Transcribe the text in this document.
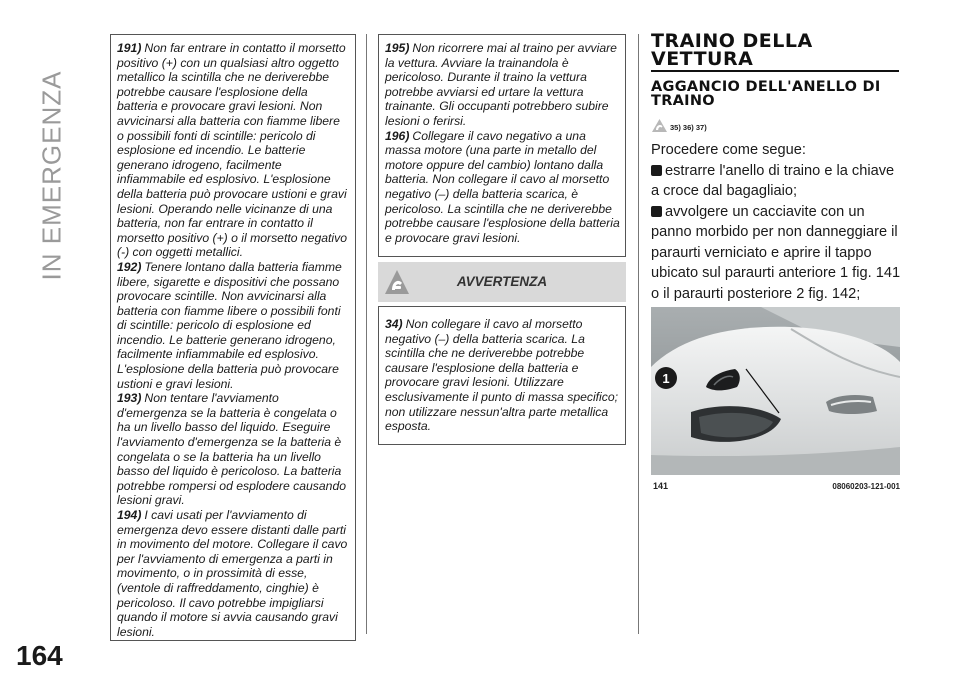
IN EMERGENZA
164

191) Non far entrare in contatto il morsetto positivo (+) con un qualsiasi altro oggetto metallico la scintilla che ne deriverebbe potrebbe causare l'esplosione della batteria e provocare gravi lesioni. Non avvicinarsi alla batteria con fiamme libere o possibili fonti di scintille: pericolo di esplosione ed incendio. Le batterie generano idrogeno, facilmente infiammabile ed esplosivo. L'esplosione della batteria può provocare ustioni e gravi lesioni. Operando nelle vicinanze di una batteria, non far entrare in contatto il morsetto positivo (+) o il morsetto negativo (-) con oggetti metallici.

192) Tenere lontano dalla batteria fiamme libere, sigarette e dispositivi che possano provocare scintille. Non avvicinarsi alla batteria con fiamme libere o possibili fonti di scintille: pericolo di esplosione ed incendio. Le batterie generano idrogeno, facilmente infiammabile ed esplosivo. L'esplosione della batteria può provocare ustioni e gravi lesioni.

193) Non tentare l'avviamento d'emergenza se la batteria è congelata o ha un livello basso del liquido. Eseguire l'avviamento d'emergenza se la batteria è congelata o se la batteria ha un livello basso del liquido è pericoloso. La batteria potrebbe rompersi od esplodere causando lesioni gravi.

194) I cavi usati per l'avviamento di emergenza devo essere distanti dalle parti in movimento del motore. Collegare il cavo per l'avviamento di emergenza a parti in movimento, o in prossimità di esse, (ventole di raffreddamento, cinghie) è pericoloso. Il cavo potrebbe impigliarsi quando il motore si avvia causando gravi lesioni.

195) Non ricorrere mai al traino per avviare la vettura. Avviare la trainandola è pericoloso. Durante il traino la vettura potrebbe avviarsi ed urtare la vettura trainante. Gli occupanti potrebbero subire lesioni o ferirsi.

196) Collegare il cavo negativo a una massa motore (una parte in metallo del motore oppure del cambio) lontano dalla batteria. Non collegare il cavo al morsetto negativo (–) della batteria scarica, è pericoloso. La scintilla che ne deriverebbe potrebbe causare l'esplosione della batteria e provocare gravi lesioni.

AVVERTENZA

34) Non collegare il cavo al morsetto negativo (–) della batteria scarica. La scintilla che ne deriverebbe potrebbe causare l'esplosione della batteria e provocare gravi lesioni. Utilizzare esclusivamente il punto di massa specifico; non utilizzare nessun'altra parte metallica esposta.

TRAINO DELLA VETTURA
AGGANCIO DELL'ANELLO DI TRAINO
$^{35) 36) 37)}$

Procedere come segue:

estrarre l'anello di traino e la chiave a croce dal bagagliaio;

avvolgere un cacciavite con un panno morbido per non danneggiare il paraurti verniciato e aprire il tappo ubicato sul paraurti anteriore 1 fig. 141 o il paraurti posteriore 2 fig. 142;

1
141	08060203-121-001
